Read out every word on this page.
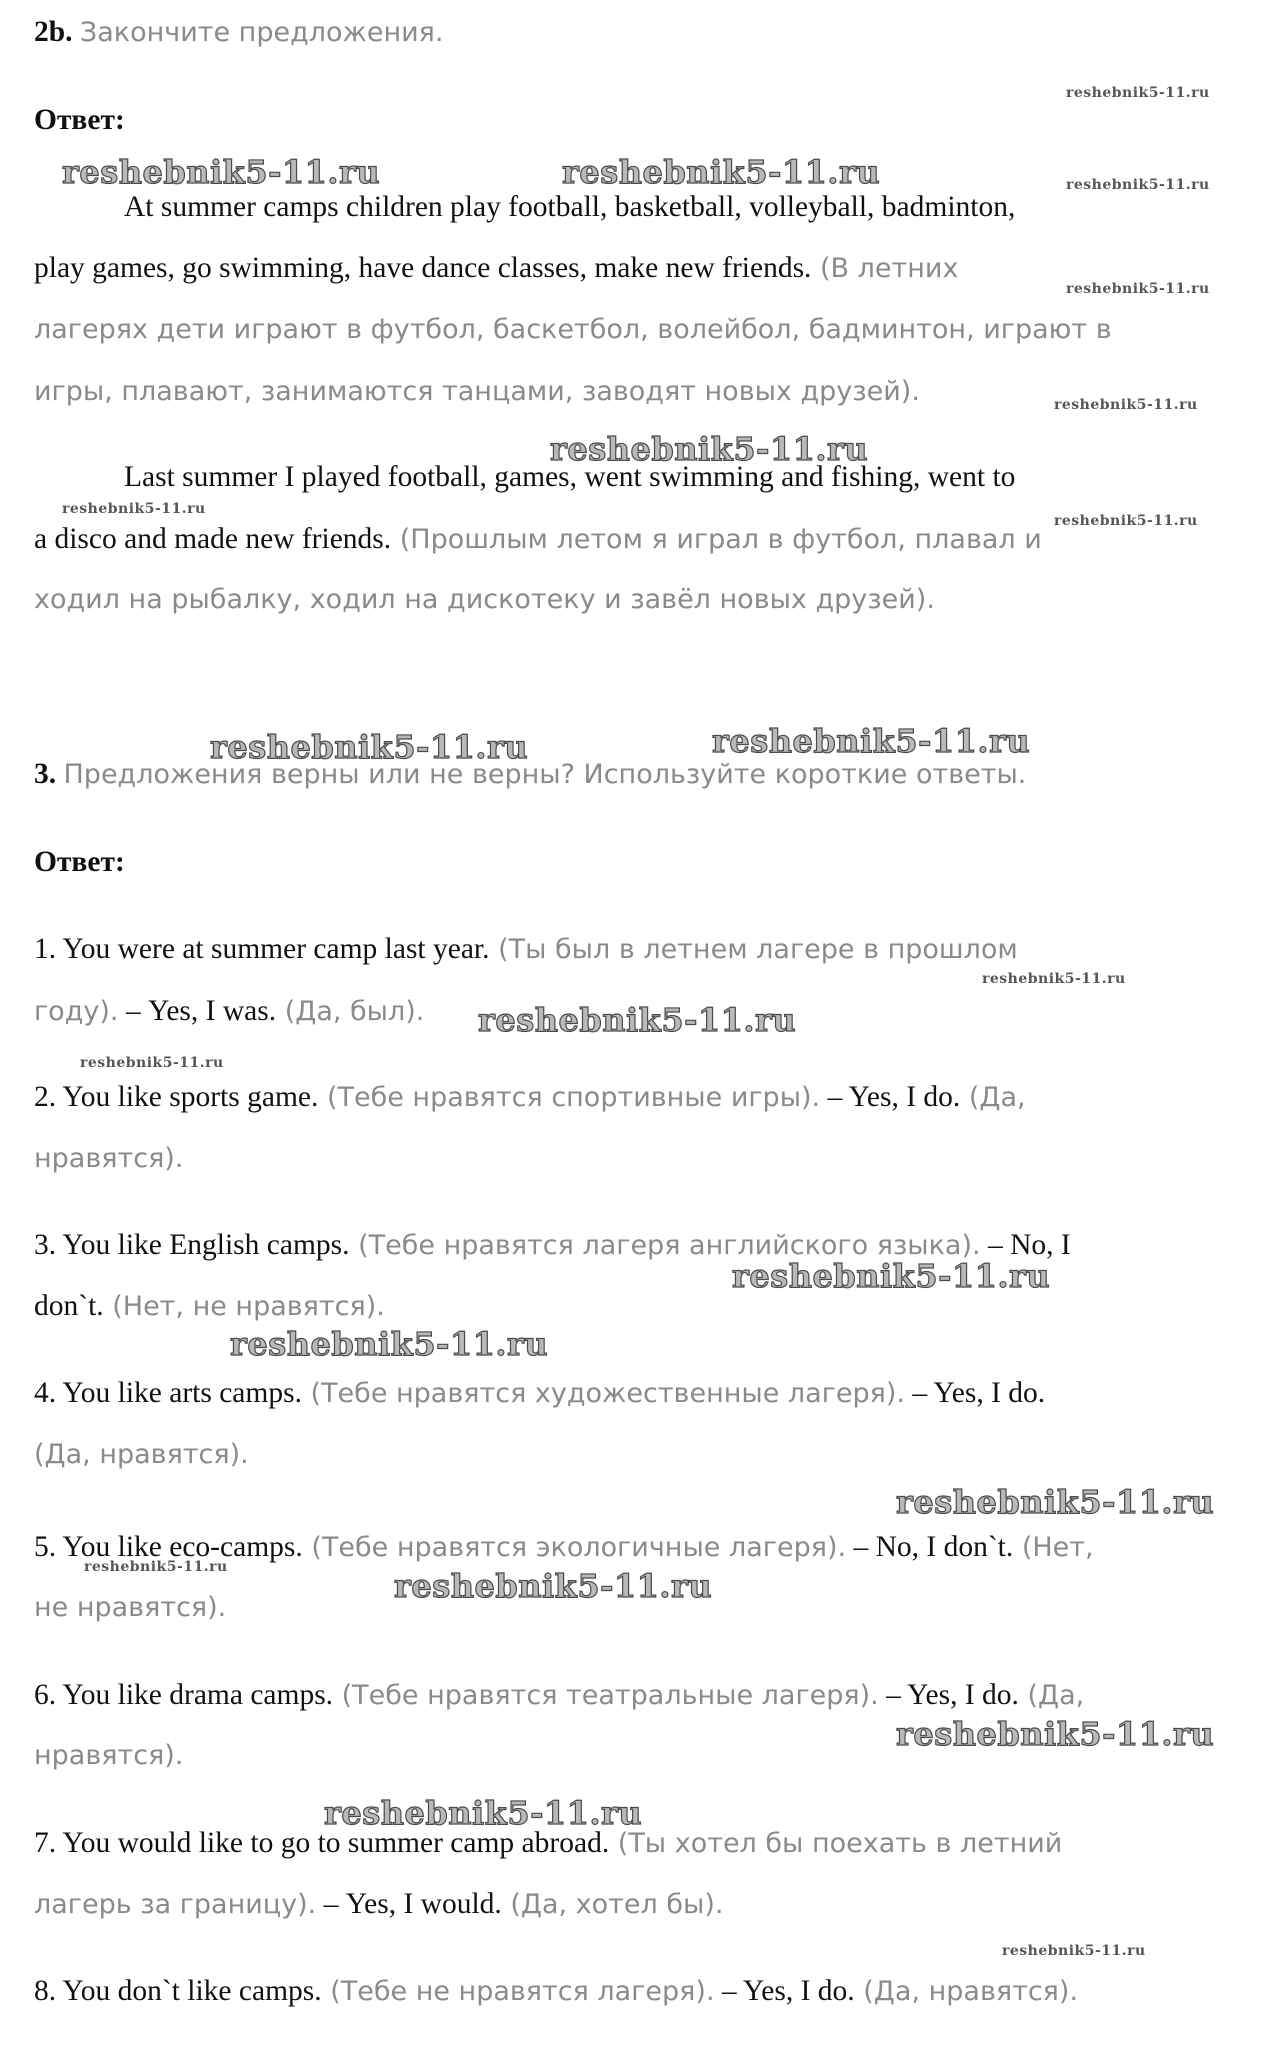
2b. Закончите предложения.
Ответ:
At summer camps children play football, basketball, volleyball, badminton,
play games, go swimming, have dance classes, make new friends. (В летних
лагерях дети играют в футбол, баскетбол, волейбол, бадминтон, играют в
игры, плавают, занимаются танцами, заводят новых друзей).
Last summer I played football, games, went swimming and fishing, went to
a disco and made new friends. (Прошлым летом я играл в футбол, плавал и
ходил на рыбалку, ходил на дискотеку и завёл новых друзей).
3. Предложения верны или не верны? Используйте короткие ответы.
Ответ:
1. You were at summer camp last year. (Ты был в летнем лагере в прошлом
году). – Yes, I was. (Да, был).
2. You like sports game. (Тебе нравятся спортивные игры). – Yes, I do. (Да,
нравятся).
3. You like English camps. (Тебе нравятся лагеря английского языка). – No, I
don`t. (Нет, не нравятся).
4. You like arts camps. (Тебе нравятся художественные лагеря). – Yes, I do.
(Да, нравятся).
5. You like eco-camps. (Тебе нравятся экологичные лагеря). – No, I don`t. (Нет,
не нравятся).
6. You like drama camps. (Тебе нравятся театральные лагеря). – Yes, I do. (Да,
нравятся).
7. You would like to go to summer camp abroad. (Ты хотел бы поехать в летний
лагерь за границу). – Yes, I would. (Да, хотел бы).
8. You don`t like camps. (Тебе не нравятся лагеря). – Yes, I do. (Да, нравятся).
reshebnik5-11.ru	reshebnik5-11.ru
reshebnik5-11.ru
reshebnik5-11.ru	reshebnik5-11.ru
reshebnik5-11.ru
reshebnik5-11.ru
reshebnik5-11.ru
reshebnik5-11.ru
reshebnik5-11.ru
reshebnik5-11.ru
reshebnik5-11.ru
reshebnik5-11.ru
reshebnik5-11.ru
reshebnik5-11.ru
reshebnik5-11.ru
reshebnik5-11.ru
reshebnik5-11.ru
reshebnik5-11.ru
reshebnik5-11.ru
reshebnik5-11.ru
reshebnik5-11.ru
